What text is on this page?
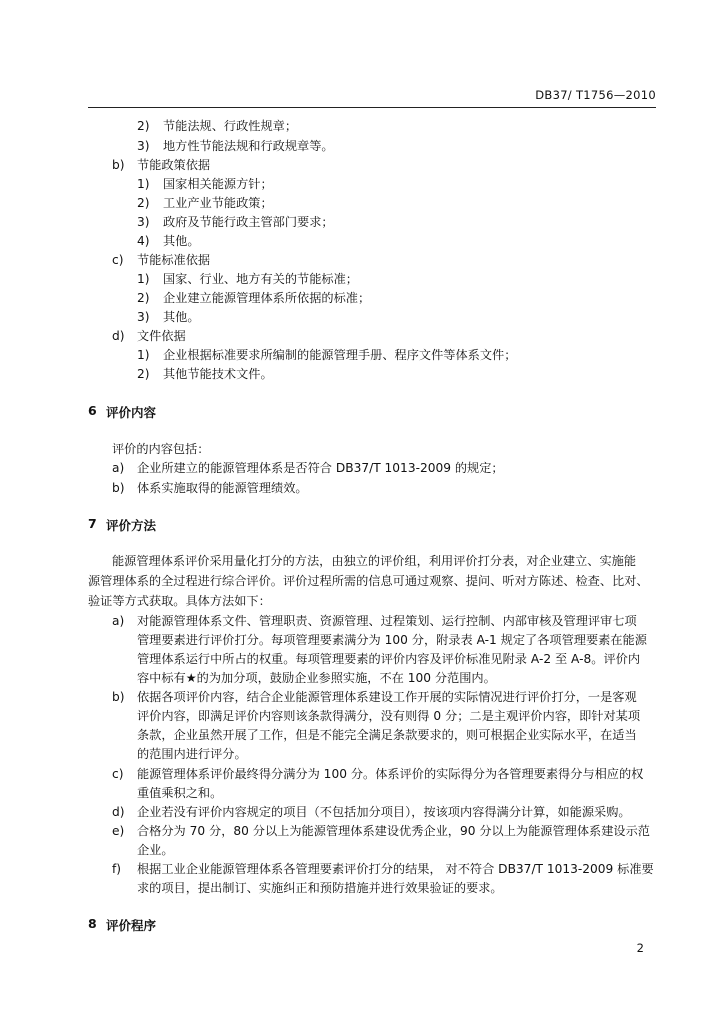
DB37/ T1756—2010
2) 节能法规、行政性规章；
3) 地方性节能法规和行政规章等。
b) 节能政策依据
1) 国家相关能源方针；
2) 工业产业节能政策；
3) 政府及节能行政主管部门要求；
4) 其他。
c) 节能标准依据
1) 国家、行业、地方有关的节能标准；
2) 企业建立能源管理体系所依据的标准；
3) 其他。
d) 文件依据
1) 企业根据标准要求所编制的能源管理手册、程序文件等体系文件；
2) 其他节能技术文件。
评价的内容包括：
a) 企业所建立的能源管理体系是否符合 DB37/T 1013-2009 的规定；
b) 体系实施取得的能源管理绩效。
能源管理体系评价采用量化打分的方法，由独立的评价组，利用评价打分表，对企业建立、实施能
源管理体系的全过程进行综合评价。评价过程所需的信息可通过观察、提问、听对方陈述、检查、比对、
验证等方式获取。具体方法如下：
a) 对能源管理体系文件、管理职责、资源管理、过程策划、运行控制、内部审核及管理评审七项
管理要素进行评价打分。每项管理要素满分为 100 分，附录表 A-1 规定了各项管理要素在能源
管理体系运行中所占的权重。每项管理要素的评价内容及评价标准见附录 A-2 至 A-8。评价内
容中标有★的为加分项，鼓励企业参照实施，不在 100 分范围内。
b) 依据各项评价内容，结合企业能源管理体系建设工作开展的实际情况进行评价打分，一是客观
评价内容，即满足评价内容则该条款得满分，没有则得 0 分；二是主观评价内容，即针对某项
条款，企业虽然开展了工作，但是不能完全满足条款要求的，则可根据企业实际水平，在适当
的范围内进行评分。
c) 能源管理体系评价最终得分满分为 100 分。体系评价的实际得分为各管理要素得分与相应的权
重值乘积之和。
d) 企业若没有评价内容规定的项目（不包括加分项目），按该项内容得满分计算，如能源采购。
e) 合格分为 70 分，80 分以上为能源管理体系建设优秀企业，90 分以上为能源管理体系建设示范
企业。
f) 根据工业企业能源管理体系各管理要素评价打分的结果， 对不符合 DB37/T 1013-2009 标准要
求的项目，提出制订、实施纠正和预防措施并进行效果验证的要求。
6 评价内容
7 评价方法
8 评价程序
2
